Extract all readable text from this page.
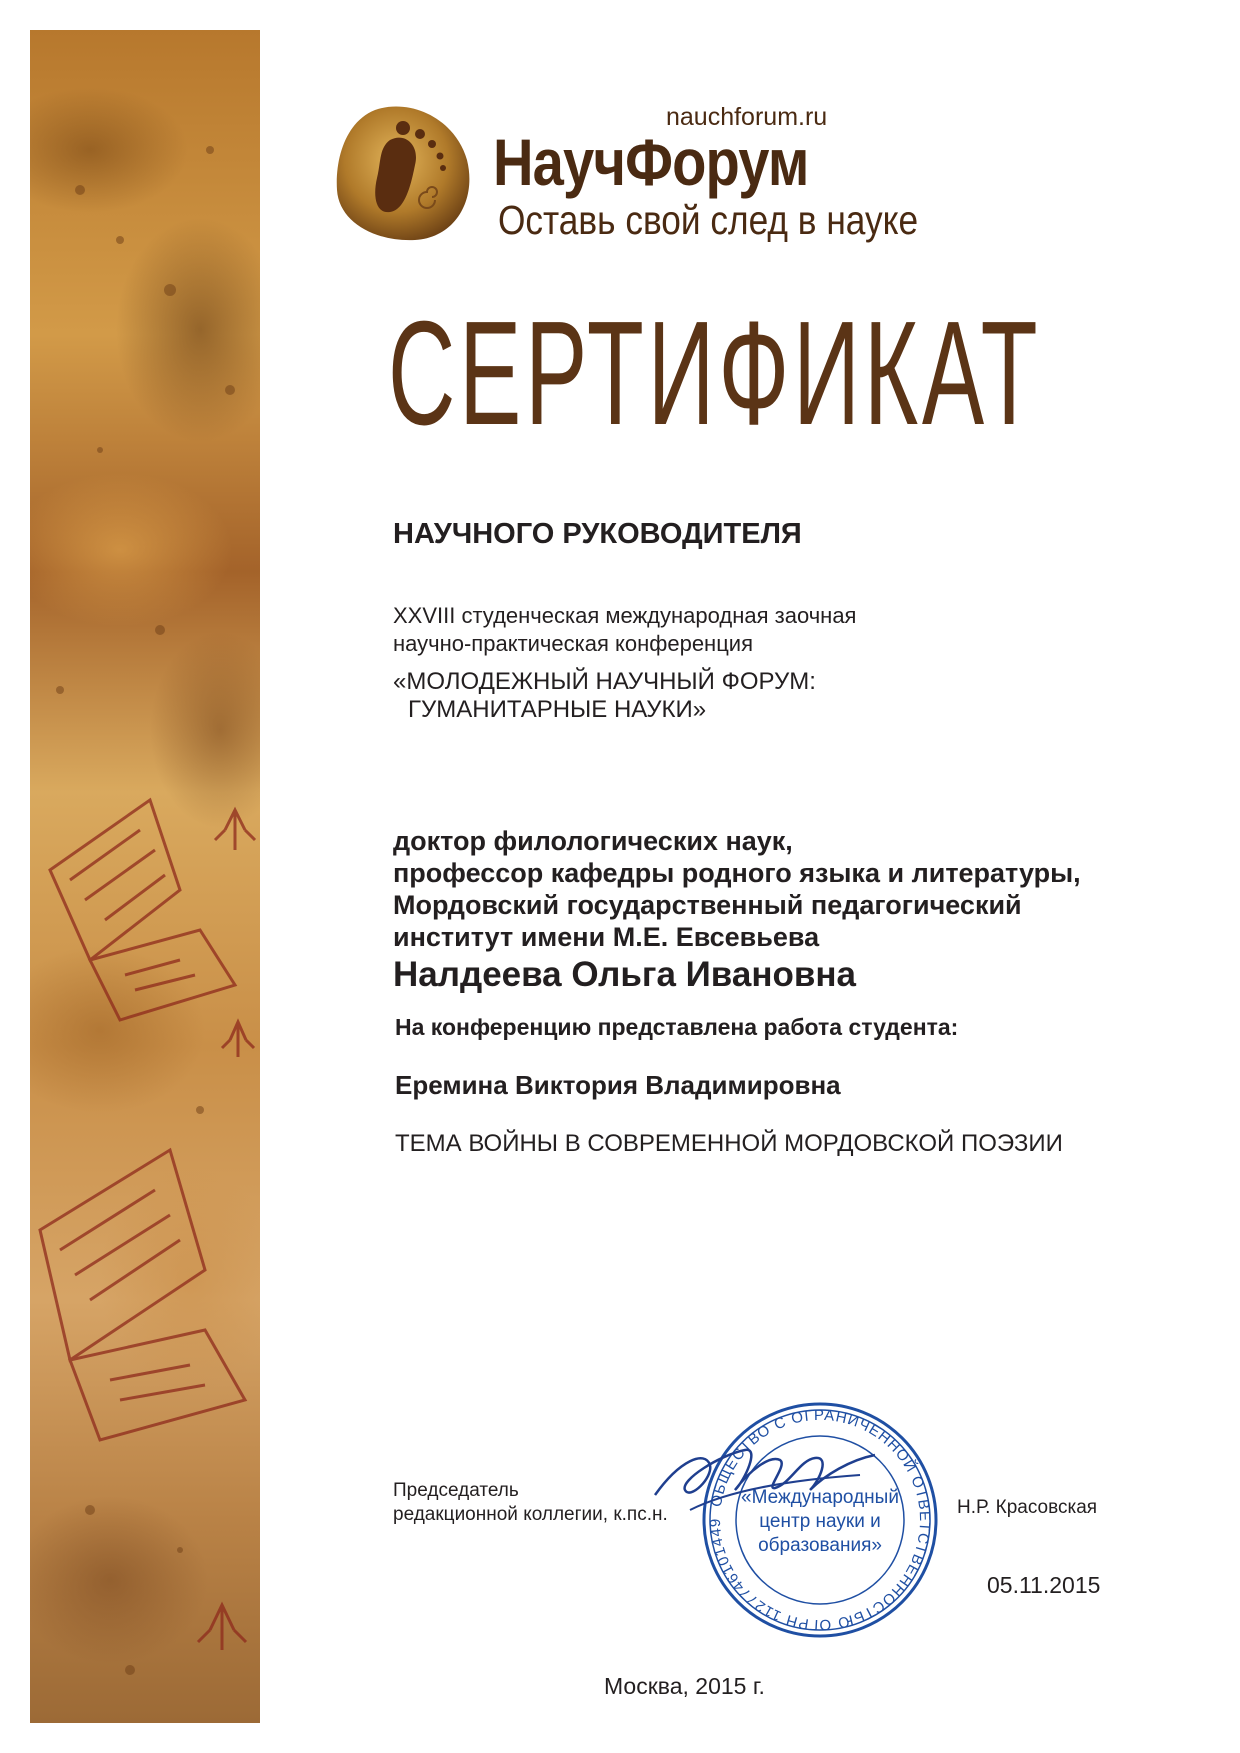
nauchforum.ru
НаучФорум
Оставь свой след в науке
СЕРТИФИКАТ
НАУЧНОГО РУКОВОДИТЕЛЯ
XXVIII студенческая международная заочная
научно-практическая конференция
«МОЛОДЕЖНЫЙ НАУЧНЫЙ ФОРУМ:
ГУМАНИТАРНЫЕ НАУКИ»
доктор филологических наук,
профессор кафедры родного языка и литературы,
Мордовский государственный педагогический
институт имени М.Е. Евсевьева
Налдеева Ольга Ивановна
На конференцию представлена работа студента:
Еремина Виктория Владимировна
ТЕМА ВОЙНЫ В СОВРЕМЕННОЙ МОРДОВСКОЙ ПОЭЗИИ
Председатель
редакционной коллегии, к.пс.н.
ОБЩЕСТВО С ОГРАНИЧЕННОЙ ОТВЕТСТВЕННОСТЬЮ ОГРН 1127746101449
«Международный
центр науки и
образования»
Н.Р. Красовская
05.11.2015
Москва, 2015 г.
